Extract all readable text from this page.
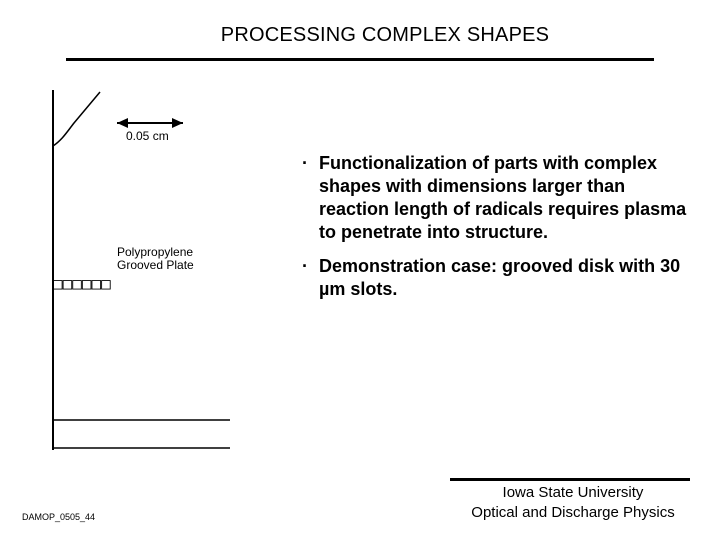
PROCESSING COMPLEX SHAPES
0.05 cm
Polypropylene
Grooved Plate
□□□□□□
· Functionalization of parts with complex shapes with dimensions larger than reaction length of radicals requires plasma to penetrate into structure.
· Demonstration case: grooved disk with 30 µm slots.
DAMOP_0505_44
Iowa State University
Optical and Discharge Physics
